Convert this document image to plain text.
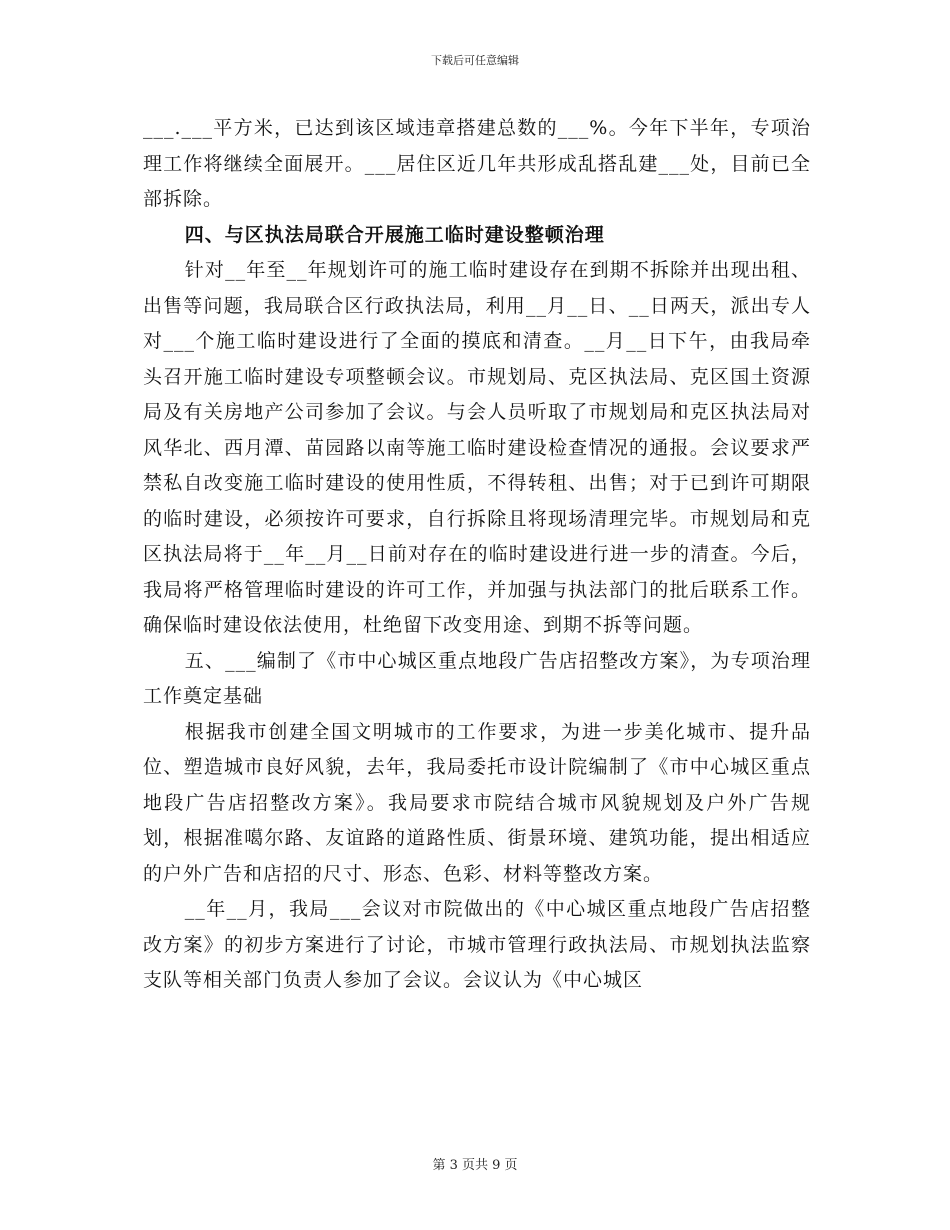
下载后可任意编辑

___.___平方米，已达到该区域违章搭建总数的___%。今年下半年，专项治理工作将继续全面展开。___居住区近几年共形成乱搭乱建___处，目前已全部拆除。

四、与区执法局联合开展施工临时建设整顿治理

针对__年至__年规划许可的施工临时建设存在到期不拆除并出现出租、出售等问题，我局联合区行政执法局，利用__月__日、__日两天，派出专人对___个施工临时建设进行了全面的摸底和清查。__月__日下午，由我局牵头召开施工临时建设专项整顿会议。市规划局、克区执法局、克区国土资源局及有关房地产公司参加了会议。与会人员听取了市规划局和克区执法局对风华北、西月潭、苗园路以南等施工临时建设检查情况的通报。会议要求严禁私自改变施工临时建设的使用性质，不得转租、出售；对于已到许可期限的临时建设，必须按许可要求，自行拆除且将现场清理完毕。市规划局和克区执法局将于__年__月__日前对存在的临时建设进行进一步的清查。今后，我局将严格管理临时建设的许可工作，并加强与执法部门的批后联系工作。确保临时建设依法使用，杜绝留下改变用途、到期不拆等问题。

五、___编制了《市中心城区重点地段广告店招整改方案》，为专项治理工作奠定基础

根据我市创建全国文明城市的工作要求，为进一步美化城市、提升品位、塑造城市良好风貌，去年，我局委托市设计院编制了《市中心城区重点地段广告店招整改方案》。我局要求市院结合城市风貌规划及户外广告规划，根据准噶尔路、友谊路的道路性质、街景环境、建筑功能，提出相适应的户外广告和店招的尺寸、形态、色彩、材料等整改方案。

__年__月，我局___会议对市院做出的《中心城区重点地段广告店招整改方案》的初步方案进行了讨论，市城市管理行政执法局、市规划执法监察支队等相关部门负责人参加了会议。会议认为《中心城区

第 3 页共 9 页
